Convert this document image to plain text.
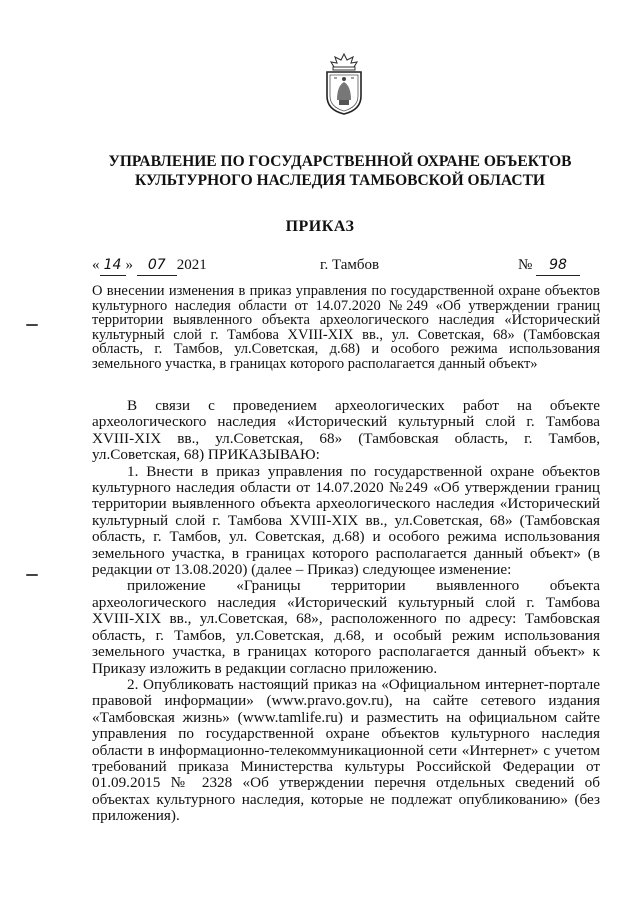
УПРАВЛЕНИЕ ПО ГОСУДАРСТВЕННОЙ ОХРАНЕ ОБЪЕКТОВ КУЛЬТУРНОГО НАСЛЕДИЯ ТАМБОВСКОЙ ОБЛАСТИ
ПРИКАЗ
« 14 » 07 2021	г. Тамбов	№ 98
О внесении изменения в приказ управления по государственной охране объектов культурного наследия области от 14.07.2020 №249 «Об утверждении границ территории выявленного объекта археологического наследия «Исторический культурный слой г. Тамбова XVIII-XIX вв., ул. Советская, 68» (Тамбовская область, г. Тамбов, ул.Советская, д.68) и особого режима использования земельного участка, в границах которого располагается данный объект»

В связи с проведением археологических работ на объекте археологического наследия «Исторический культурный слой г. Тамбова XVIII-XIX вв., ул.Советская, 68» (Тамбовская область, г. Тамбов, ул.Советская, 68) ПРИКАЗЫВАЮ:

1. Внести в приказ управления по государственной охране объектов культурного наследия области от 14.07.2020 №249 «Об утверждении границ территории выявленного объекта археологического наследия «Исторический культурный слой г. Тамбова XVIII-XIX вв., ул.Советская, 68» (Тамбовская область, г. Тамбов, ул. Советская, д.68) и особого режима использования земельного участка, в границах которого располагается данный объект» (в редакции от 13.08.2020) (далее – Приказ) следующее изменение:

приложение «Границы территории выявленного объекта археологического наследия «Исторический культурный слой г. Тамбова XVIII-XIX вв., ул.Советская, 68», расположенного по адресу: Тамбовская область, г. Тамбов, ул.Советская, д.68, и особый режим использования земельного участка, в границах которого располагается данный объект» к Приказу изложить в редакции согласно приложению.

2. Опубликовать настоящий приказ на «Официальном интернет-портале правовой информации» (www.pravo.gov.ru), на сайте сетевого издания «Тамбовская жизнь» (www.tamlife.ru) и разместить на официальном сайте управления по государственной охране объектов культурного наследия области в информационно-телекоммуникационной сети «Интернет» с учетом требований приказа Министерства культуры Российской Федерации от 01.09.2015 № 2328 «Об утверждении перечня отдельных сведений об объектах культурного наследия, которые не подлежат опубликованию» (без приложения).
